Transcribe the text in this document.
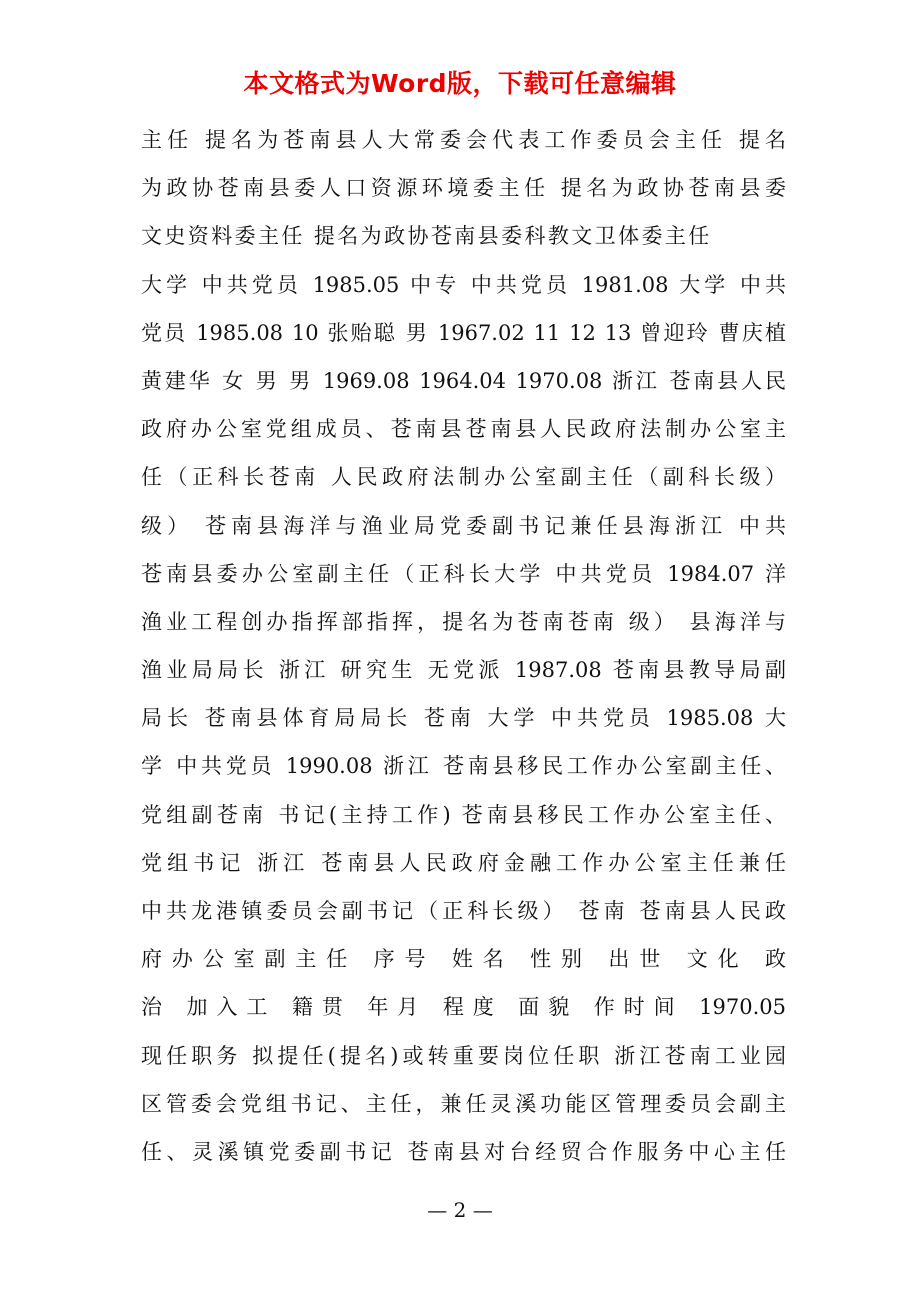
本文格式为Word版，下载可任意编辑
主任 提名为苍南县人大常委会代表工作委员会主任 提名
为政协苍南县委人口资源环境委主任 提名为政协苍南县委
文史资料委主任 提名为政协苍南县委科教文卫体委主任
大学 中共党员 1985.05 中专 中共党员 1981.08 大学 中共
党员 1985.08 10 张贻聪 男 1967.02 11 12 13 曾迎玲 曹庆植
黄建华 女 男 男 1969.08 1964.04 1970.08 浙江 苍南县人民
政府办公室党组成员、苍南县苍南县人民政府法制办公室主
任（正科长苍南 人民政府法制办公室副主任（副科长级）
级） 苍南县海洋与渔业局党委副书记兼任县海浙江 中共
苍南县委办公室副主任（正科长大学 中共党员 1984.07 洋
渔业工程创办指挥部指挥，提名为苍南苍南 级） 县海洋与
渔业局局长 浙江 研究生 无党派 1987.08 苍南县教导局副
局长 苍南县体育局局长 苍南 大学 中共党员 1985.08 大
学 中共党员 1990.08 浙江 苍南县移民工作办公室副主任、
党组副苍南 书记(主持工作) 苍南县移民工作办公室主任、
党组书记 浙江 苍南县人民政府金融工作办公室主任兼任
中共龙港镇委员会副书记（正科长级） 苍南 苍南县人民政
府办公室副主任 序号 姓名 性别 出世 文化 政
治 加入工 籍贯 年月 程度 面貌 作时间 1970.05
现任职务 拟提任(提名)或转重要岗位任职 浙江苍南工业园
区管委会党组书记、主任，兼任灵溪功能区管理委员会副主
任、灵溪镇党委副书记 苍南县对台经贸合作服务中心主任
— 2 —
